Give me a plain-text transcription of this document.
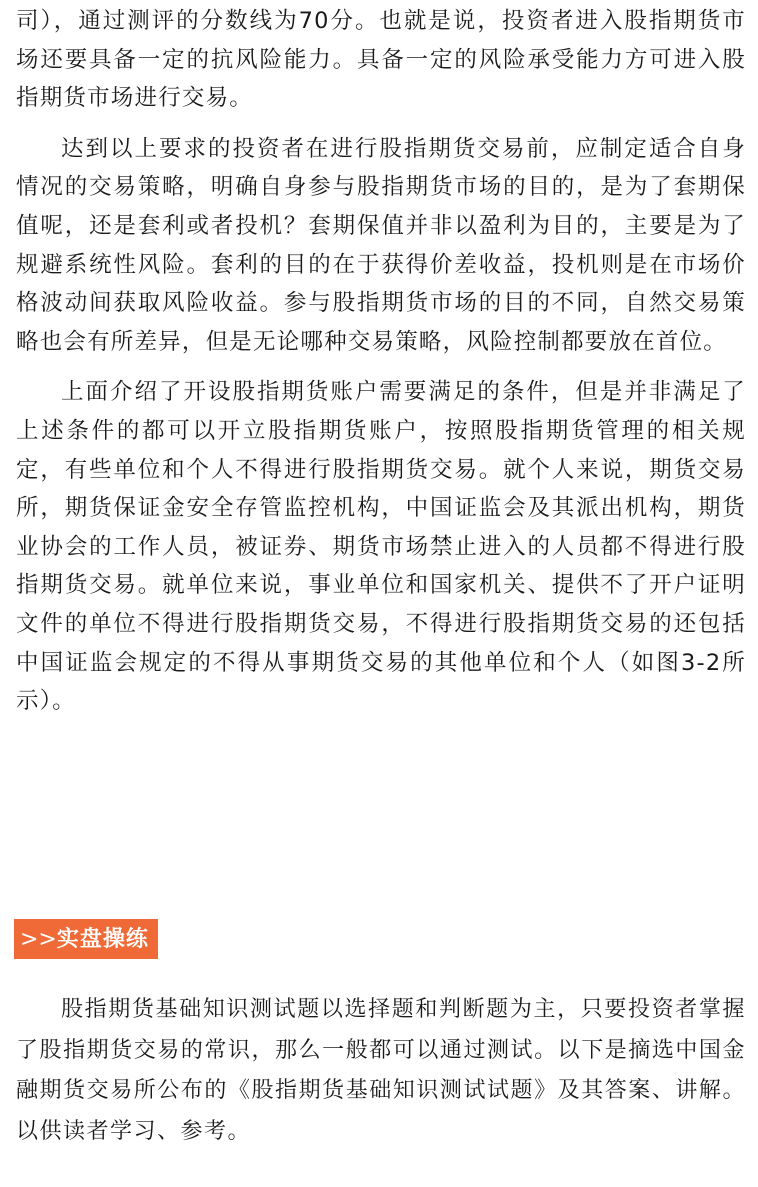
司），通过测评的分数线为70分。也就是说，投资者进入股指期货市场还要具备一定的抗风险能力。具备一定的风险承受能力方可进入股指期货市场进行交易。

达到以上要求的投资者在进行股指期货交易前，应制定适合自身情况的交易策略，明确自身参与股指期货市场的目的，是为了套期保值呢，还是套利或者投机？套期保值并非以盈利为目的，主要是为了规避系统性风险。套利的目的在于获得价差收益，投机则是在市场价格波动间获取风险收益。参与股指期货市场的目的不同，自然交易策略也会有所差异，但是无论哪种交易策略，风险控制都要放在首位。

上面介绍了开设股指期货账户需要满足的条件，但是并非满足了上述条件的都可以开立股指期货账户，按照股指期货管理的相关规定，有些单位和个人不得进行股指期货交易。就个人来说，期货交易所，期货保证金安全存管监控机构，中国证监会及其派出机构，期货业协会的工作人员，被证券、期货市场禁止进入的人员都不得进行股指期货交易。就单位来说，事业单位和国家机关、提供不了开户证明文件的单位不得进行股指期货交易，不得进行股指期货交易的还包括中国证监会规定的不得从事期货交易的其他单位和个人（如图3-2所示）。

>>实盘操练

股指期货基础知识测试题以选择题和判断题为主，只要投资者掌握了股指期货交易的常识，那么一般都可以通过测试。以下是摘选中国金融期货交易所公布的《股指期货基础知识测试试题》及其答案、讲解。以供读者学习、参考。
